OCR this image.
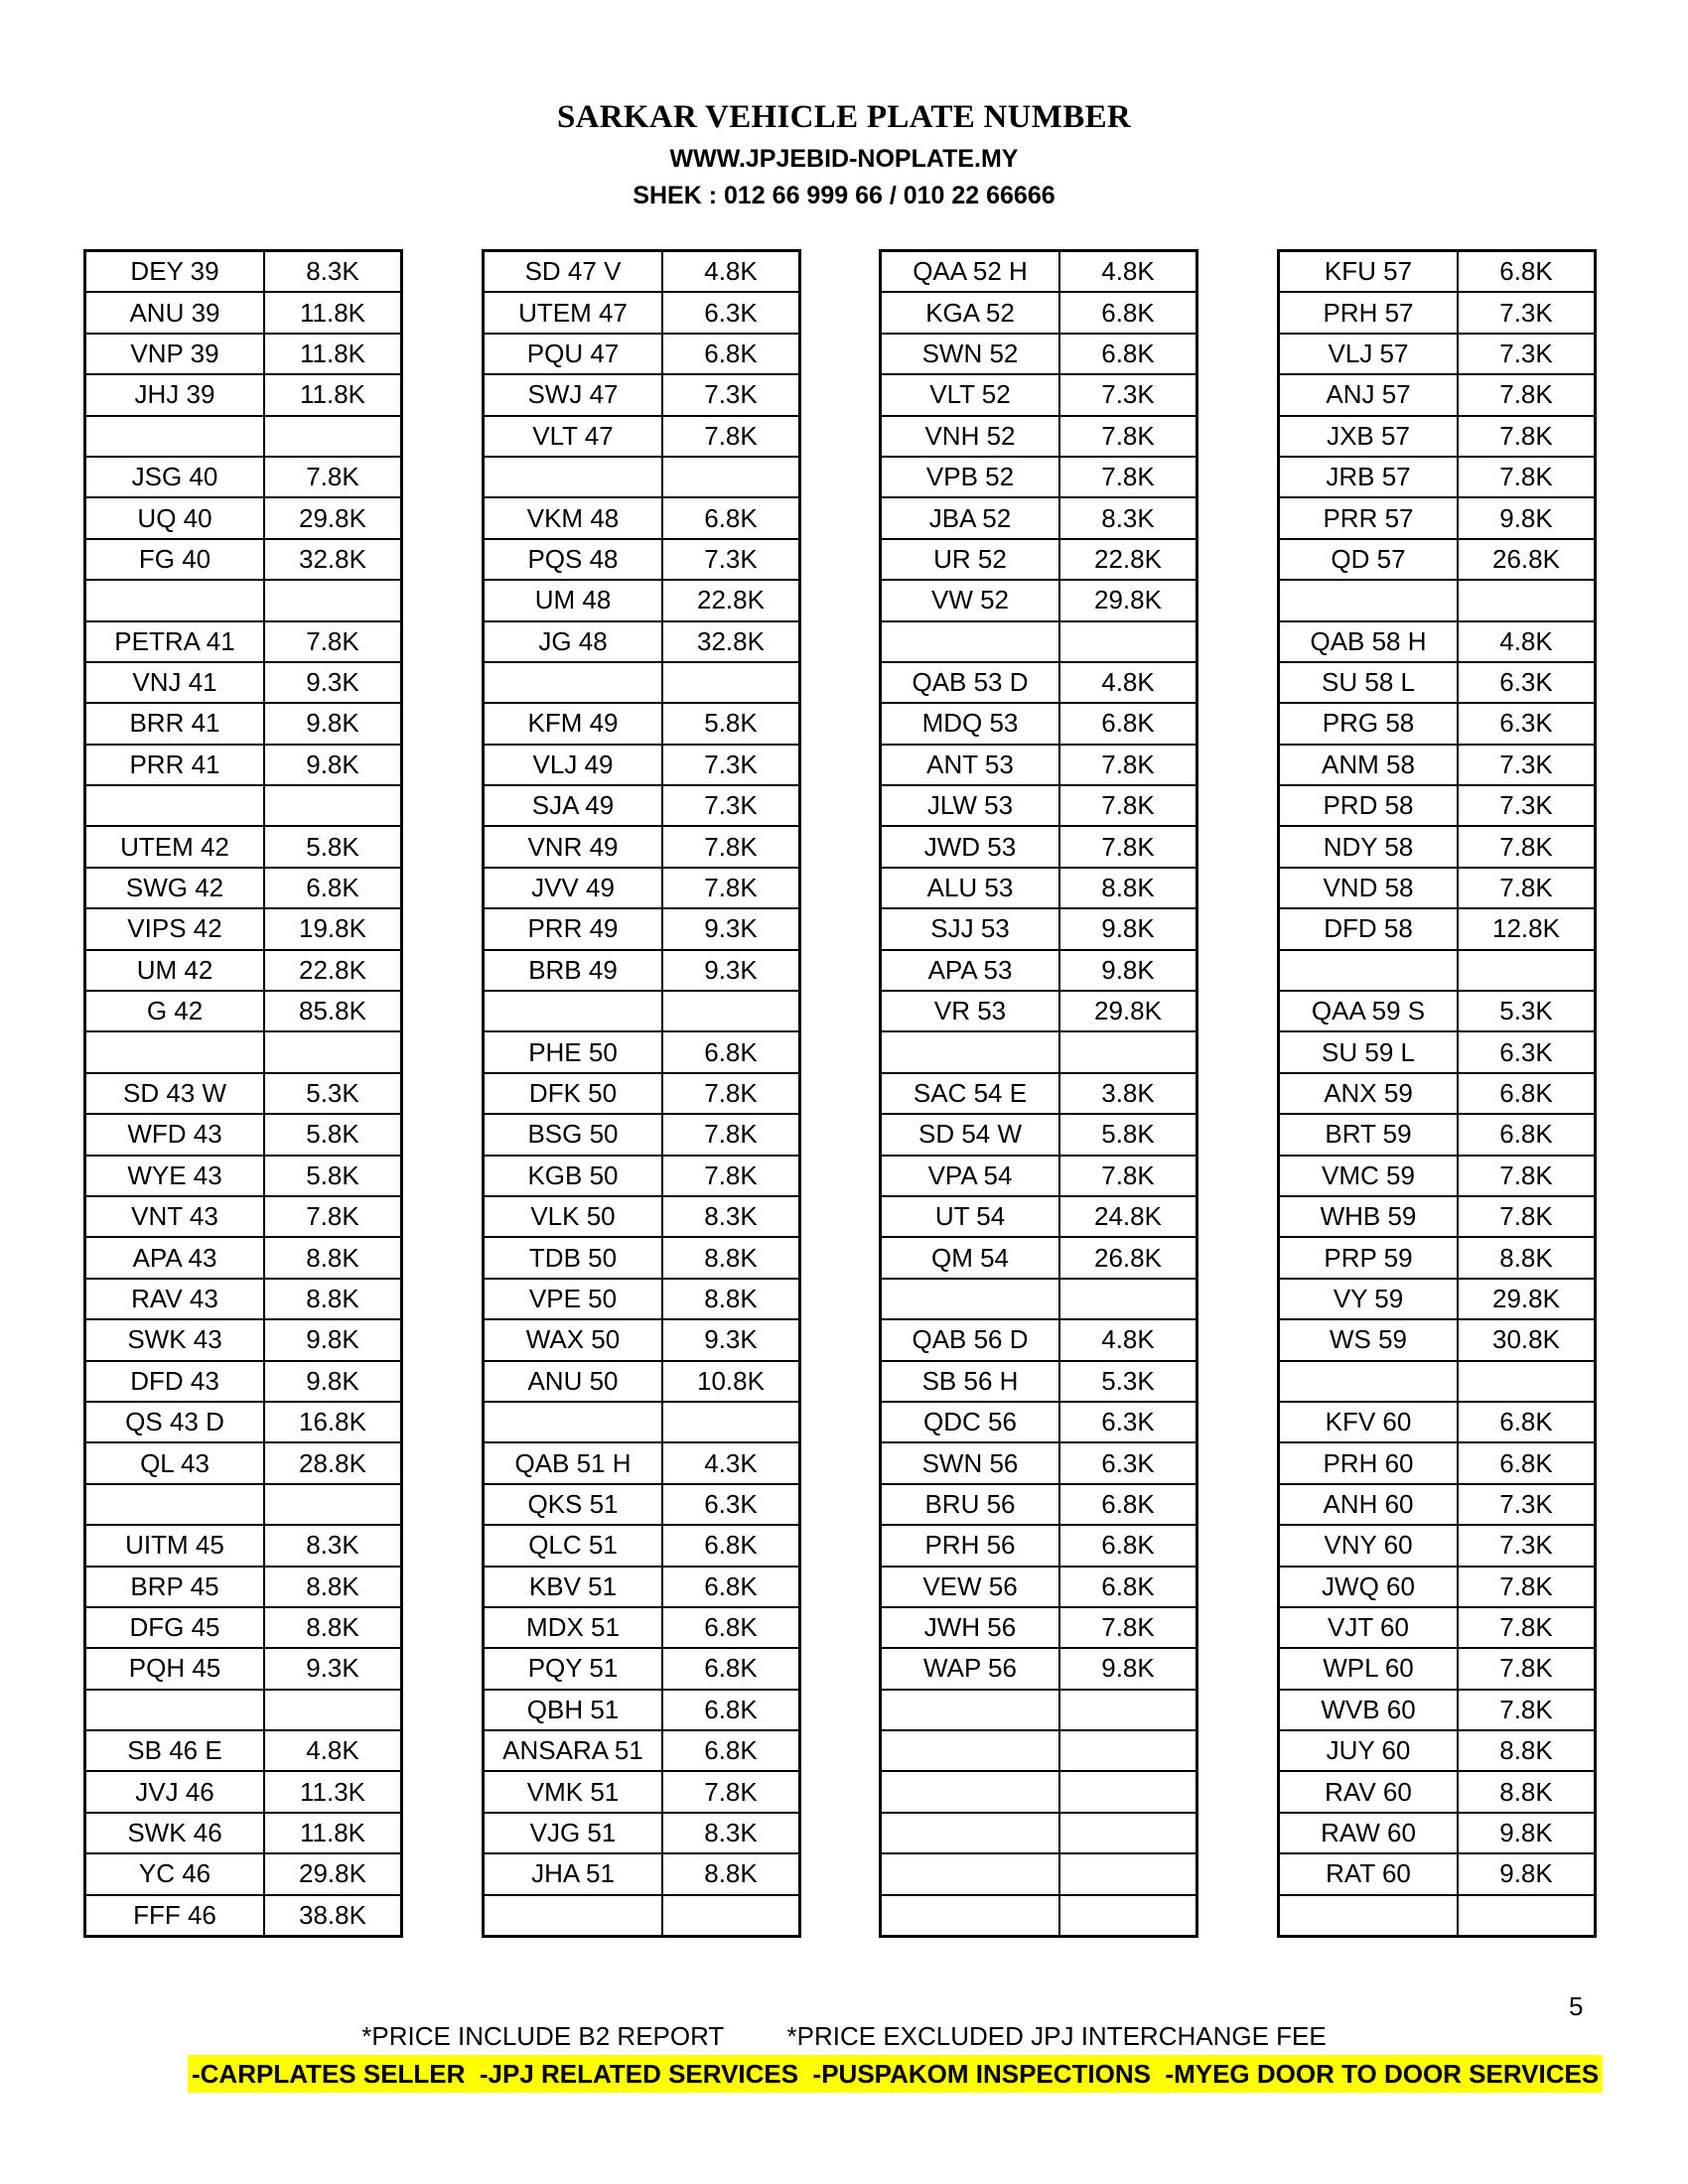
SARKAR VEHICLE PLATE NUMBER
WWW.JPJEBID-NOPLATE.MY
SHEK : 012 66 999 66 / 010 22 66666
DEY 39	8.3K
ANU 39	11.8K
VNP 39	11.8K
JHJ 39	11.8K

JSG 40	7.8K
UQ 40	29.8K
FG 40	32.8K

PETRA 41	7.8K
VNJ 41	9.3K
BRR 41	9.8K
PRR 41	9.8K

UTEM 42	5.8K
SWG 42	6.8K
VIPS 42	19.8K
UM 42	22.8K
G 42	85.8K

SD 43 W	5.3K
WFD 43	5.8K
WYE 43	5.8K
VNT 43	7.8K
APA 43	8.8K
RAV 43	8.8K
SWK 43	9.8K
DFD 43	9.8K
QS 43 D	16.8K
QL 43	28.8K

UITM 45	8.3K
BRP 45	8.8K
DFG 45	8.8K
PQH 45	9.3K

SB 46 E	4.8K
JVJ 46	11.3K
SWK 46	11.8K
YC 46	29.8K
FFF 46	38.8K
SD 47 V	4.8K
UTEM 47	6.3K
PQU 47	6.8K
SWJ 47	7.3K
VLT 47	7.8K

VKM 48	6.8K
PQS 48	7.3K
UM 48	22.8K
JG 48	32.8K

KFM 49	5.8K
VLJ 49	7.3K
SJA 49	7.3K
VNR 49	7.8K
JVV 49	7.8K
PRR 49	9.3K
BRB 49	9.3K

PHE 50	6.8K
DFK 50	7.8K
BSG 50	7.8K
KGB 50	7.8K
VLK 50	8.3K
TDB 50	8.8K
VPE 50	8.8K
WAX 50	9.3K
ANU 50	10.8K

QAB 51 H	4.3K
QKS 51	6.3K
QLC 51	6.8K
KBV 51	6.8K
MDX 51	6.8K
PQY 51	6.8K
QBH 51	6.8K
ANSARA 51	6.8K
VMK 51	7.8K
VJG 51	8.3K
JHA 51	8.8K

QAA 52 H	4.8K
KGA 52	6.8K
SWN 52	6.8K
VLT 52	7.3K
VNH 52	7.8K
VPB 52	7.8K
JBA 52	8.3K
UR 52	22.8K
VW 52	29.8K

QAB 53 D	4.8K
MDQ 53	6.8K
ANT 53	7.8K
JLW 53	7.8K
JWD 53	7.8K
ALU 53	8.8K
SJJ 53	9.8K
APA 53	9.8K
VR 53	29.8K

SAC 54 E	3.8K
SD 54 W	5.8K
VPA 54	7.8K
UT 54	24.8K
QM 54	26.8K

QAB 56 D	4.8K
SB 56 H	5.3K
QDC 56	6.3K
SWN 56	6.3K
BRU 56	6.8K
PRH 56	6.8K
VEW 56	6.8K
JWH 56	7.8K
WAP 56	9.8K

KFU 57	6.8K
PRH 57	7.3K
VLJ 57	7.3K
ANJ 57	7.8K
JXB 57	7.8K
JRB 57	7.8K
PRR 57	9.8K
QD 57	26.8K

QAB 58 H	4.8K
SU 58 L	6.3K
PRG 58	6.3K
ANM 58	7.3K
PRD 58	7.3K
NDY 58	7.8K
VND 58	7.8K
DFD 58	12.8K

QAA 59 S	5.3K
SU 59 L	6.3K
ANX 59	6.8K
BRT 59	6.8K
VMC 59	7.8K
WHB 59	7.8K
PRP 59	8.8K
VY 59	29.8K
WS 59	30.8K

KFV 60	6.8K
PRH 60	6.8K
ANH 60	7.3K
VNY 60	7.3K
JWQ 60	7.8K
VJT 60	7.8K
WPL 60	7.8K
WVB 60	7.8K
JUY 60	8.8K
RAV 60	8.8K
RAW 60	9.8K
RAT 60	9.8K

5
*PRICE INCLUDE B2 REPORT *PRICE EXCLUDED JPJ INTERCHANGE FEE
-CARPLATES SELLER  -JPJ RELATED SERVICES  -PUSPAKOM INSPECTIONS  -MYEG DOOR TO DOOR SERVICES
